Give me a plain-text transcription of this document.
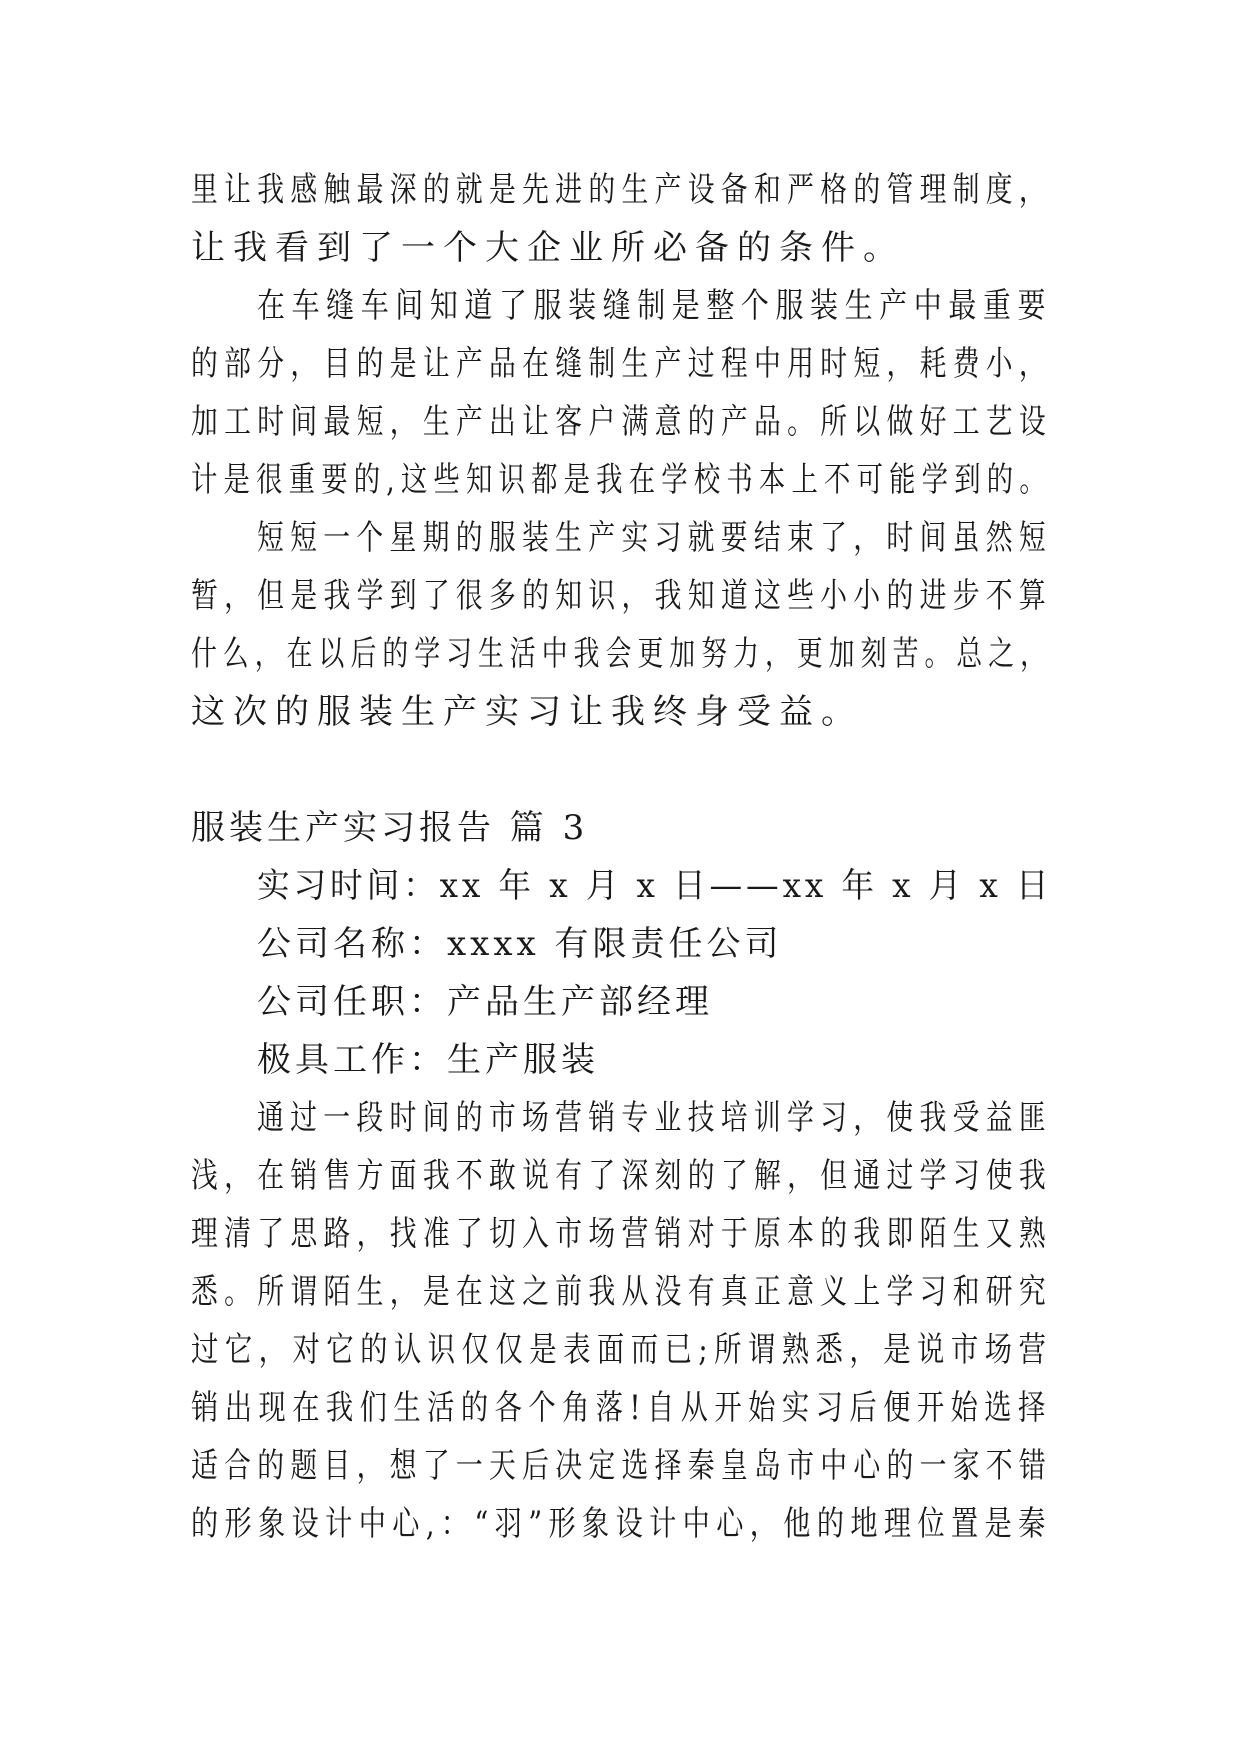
里让我感触最深的就是先进的生产设备和严格的管理制度，
让我看到了一个大企业所必备的条件。
在车缝车间知道了服装缝制是整个服装生产中最重要
的部分，目的是让产品在缝制生产过程中用时短，耗费小，
加工时间最短，生产出让客户满意的产品。所以做好工艺设
计是很重要的,这些知识都是我在学校书本上不可能学到的。
短短一个星期的服装生产实习就要结束了，时间虽然短
暂，但是我学到了很多的知识，我知道这些小小的进步不算
什么，在以后的学习生活中我会更加努力，更加刻苦。总之，
这次的服装生产实习让我终身受益。
服装生产实习报告 篇 3
实习时间：xx 年 x 月 x 日——xx 年 x 月 x 日
公司名称：xxxx 有限责任公司
公司任职：产品生产部经理
极具工作：生产服装
通过一段时间的市场营销专业技培训学习，使我受益匪
浅，在销售方面我不敢说有了深刻的了解，但通过学习使我
理清了思路，找准了切入市场营销对于原本的我即陌生又熟
悉。所谓陌生，是在这之前我从没有真正意义上学习和研究
过它，对它的认识仅仅是表面而已;所谓熟悉，是说市场营
销出现在我们生活的各个角落!自从开始实习后便开始选择
适合的题目，想了一天后决定选择秦皇岛市中心的一家不错
的形象设计中心,：“羽”形象设计中心，他的地理位置是秦
